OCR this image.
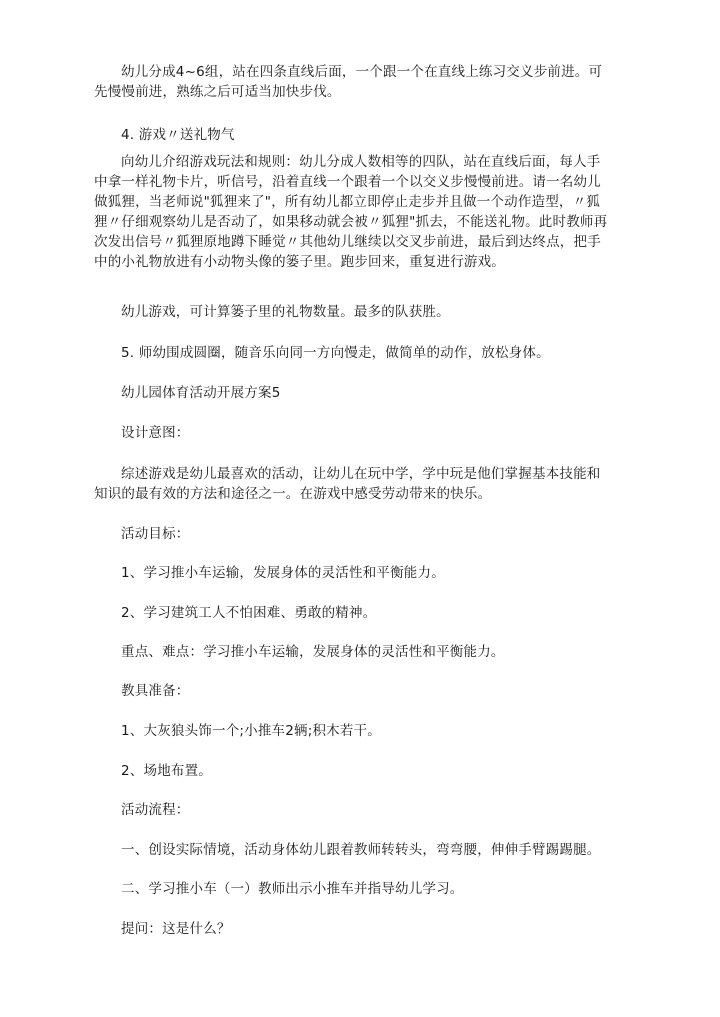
幼儿分成4~6组，站在四条直线后面，一个跟一个在直线上练习交义步前进。可先慢慢前进，熟练之后可适当加快步伐。

4. 游戏〃送礼物气

向幼儿介绍游戏玩法和规则：幼儿分成人数相等的四队，站在直线后面，每人手中拿一样礼物卡片，听信号，沿着直线一个跟着一个以交义步慢慢前进。请一名幼儿做狐狸，当老师说"狐狸来了"，所有幼儿都立即停止走步并且做一个动作造型，〃狐狸〃仔细观察幼儿是否动了，如果移动就会被〃狐狸"抓去，不能送礼物。此时教师再次发出信号〃狐狸原地蹲下睡觉〃其他幼儿继续以交叉步前进，最后到达终点，把手中的小礼物放进有小动物头像的篓子里。跑步回来，重复进行游戏。

幼儿游戏，可计算篓子里的礼物数量。最多的队获胜。

5. 师幼围成圆圈，随音乐向同一方向慢走，做简单的动作，放松身体。

幼儿园体育活动开展方案5

设计意图：

综述游戏是幼儿最喜欢的活动，让幼儿在玩中学，学中玩是他们掌握基本技能和知识的最有效的方法和途径之一。在游戏中感受劳动带来的快乐。

活动目标：

1、学习推小车运输，发展身体的灵活性和平衡能力。

2、学习建筑工人不怕困难、勇敢的精神。

重点、难点：学习推小车运输，发展身体的灵活性和平衡能力。

教具准备：

1、大灰狼头饰一个;小推车2辆;积木若干。

2、场地布置。

活动流程：

一、创设实际情境，活动身体幼儿跟着教师转转头，弯弯腰，伸伸手臂踢踢腿。

二、学习推小车（一）教师出示小推车并指导幼儿学习。

提问：这是什么？
